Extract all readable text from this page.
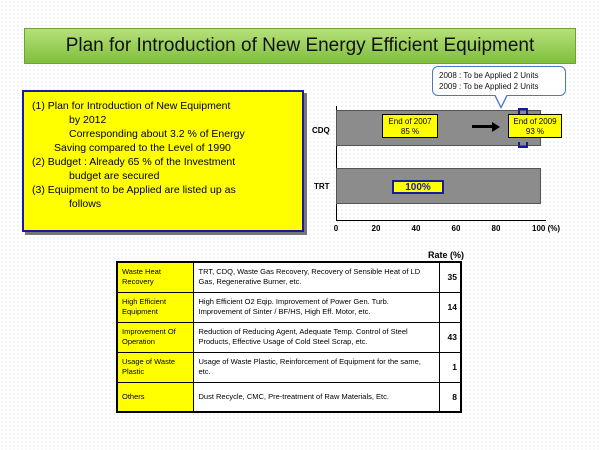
Plan for Introduction of New Energy Efficient Equipment
(1) Plan for Introduction of New Equipment
by 2012
Corresponding about 3.2 % of Energy
Saving compared to the Level of 1990
(2) Budget : Already 65 % of the Investment
budget are secured
(3) Equipment to be Applied are listed up as
follows
2008 : To be Applied 2 Units
2009 : To be Applied 2 Units
CDQ
End of 2007
85 %
End of 2009
93 %
TRT	100%
0	20	40	60	80	100 (%)
Rate (%)
Waste Heat Recovery	TRT, CDQ, Waste Gas Recovery, Recovery of Sensible Heat of LD Gas, Regenerative Burner, etc.	35
High Efficient Equipment	High Efficient O2 Eqip. Improvement of Power Gen. Turb. Improvement of Sinter / BF/HS, High Eff. Motor, etc.	14
Improvement Of Operation	Reduction of Reducing Agent, Adequate Temp. Control of Steel Products, Effective Usage of Cold Steel Scrap, etc.	43
Usage of Waste Plastic	Usage of Waste Plastic, Reinforcement of Equipment for the same, etc.	1
Others	Dust Recycle, CMC, Pre-treatment of Raw Materials, Etc.	8
